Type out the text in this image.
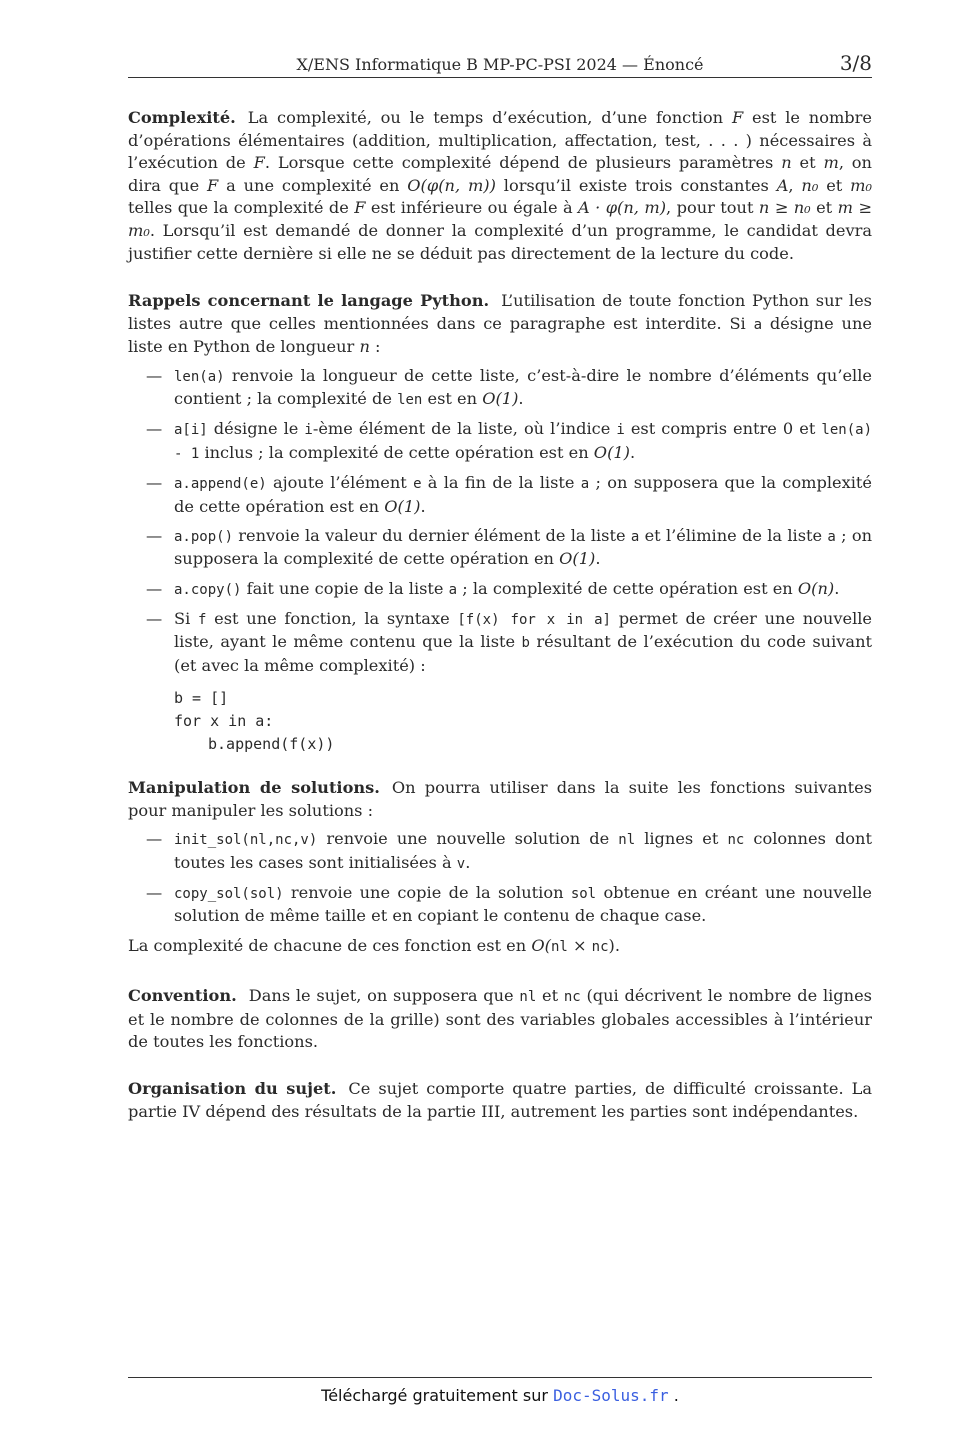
X/ENS Informatique B MP-PC-PSI 2024 — Énoncé	3/8

Complexité. La complexité, ou le temps d’exécution, d’une fonction F est le nombre d’opérations élémentaires (addition, multiplication, affectation, test, . . . ) nécessaires à l’exécution de F. Lorsque cette complexité dépend de plusieurs paramètres n et m, on dira que F a une complexité en O(φ(n, m)) lorsqu’il existe trois constantes A, n₀ et m₀ telles que la complexité de F est inférieure ou égale à A · φ(n, m), pour tout n ≥ n₀ et m ≥ m₀. Lorsqu’il est demandé de donner la complexité d’un programme, le candidat devra justifier cette dernière si elle ne se déduit pas directement de la lecture du code.

Rappels concernant le langage Python. L’utilisation de toute fonction Python sur les listes autre que celles mentionnées dans ce paragraphe est interdite. Si a désigne une liste en Python de longueur n :

— len(a) renvoie la longueur de cette liste, c’est-à-dire le nombre d’éléments qu’elle contient ; la complexité de len est en O(1).
— a[i] désigne le i-ème élément de la liste, où l’indice i est compris entre 0 et len(a) - 1 inclus ; la complexité de cette opération est en O(1).
— a.append(e) ajoute l’élément e à la fin de la liste a ; on supposera que la complexité de cette opération est en O(1).
— a.pop() renvoie la valeur du dernier élément de la liste a et l’élimine de la liste a ; on supposera la complexité de cette opération en O(1).
— a.copy() fait une copie de la liste a ; la complexité de cette opération est en O(n).
— Si f est une fonction, la syntaxe [f(x) for x in a] permet de créer une nouvelle liste, ayant le même contenu que la liste b résultant de l’exécution du code suivant (et avec la même complexité) :
b = []
for x in a:
b.append(f(x))

Manipulation de solutions. On pourra utiliser dans la suite les fonctions suivantes pour manipuler les solutions :

— init_sol(nl,nc,v) renvoie une nouvelle solution de nl lignes et nc colonnes dont toutes les cases sont initialisées à v.
— copy_sol(sol) renvoie une copie de la solution sol obtenue en créant une nouvelle solution de même taille et en copiant le contenu de chaque case.

La complexité de chacune de ces fonction est en O(nl × nc).

Convention. Dans le sujet, on supposera que nl et nc (qui décrivent le nombre de lignes et le nombre de colonnes de la grille) sont des variables globales accessibles à l’intérieur de toutes les fonctions.

Organisation du sujet. Ce sujet comporte quatre parties, de difficulté croissante. La partie IV dépend des résultats de la partie III, autrement les parties sont indépendantes.

Téléchargé gratuitement sur Doc-Solus.fr .
